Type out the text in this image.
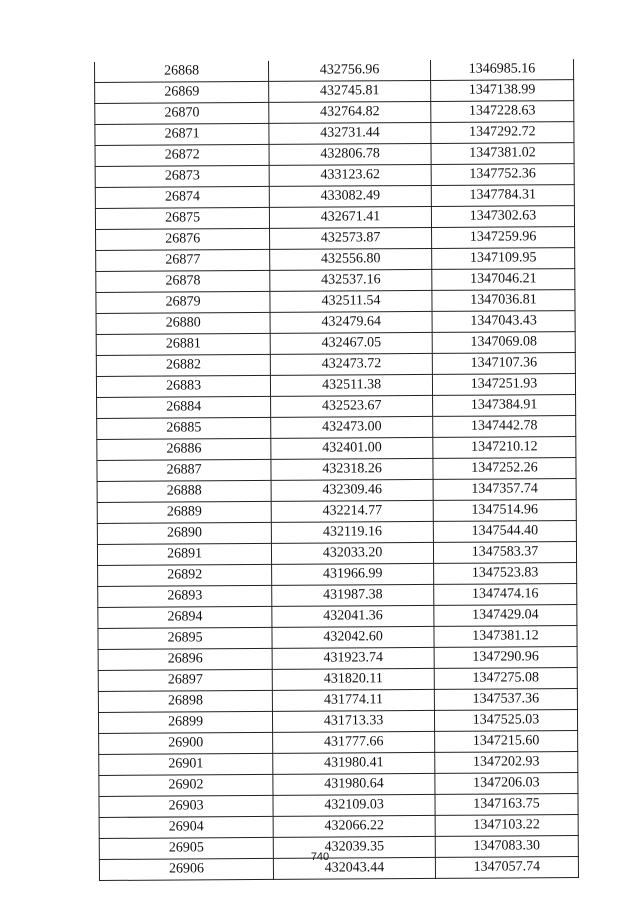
26868	432756.96	1346985.16
26869	432745.81	1347138.99
26870	432764.82	1347228.63
26871	432731.44	1347292.72
26872	432806.78	1347381.02
26873	433123.62	1347752.36
26874	433082.49	1347784.31
26875	432671.41	1347302.63
26876	432573.87	1347259.96
26877	432556.80	1347109.95
26878	432537.16	1347046.21
26879	432511.54	1347036.81
26880	432479.64	1347043.43
26881	432467.05	1347069.08
26882	432473.72	1347107.36
26883	432511.38	1347251.93
26884	432523.67	1347384.91
26885	432473.00	1347442.78
26886	432401.00	1347210.12
26887	432318.26	1347252.26
26888	432309.46	1347357.74
26889	432214.77	1347514.96
26890	432119.16	1347544.40
26891	432033.20	1347583.37
26892	431966.99	1347523.83
26893	431987.38	1347474.16
26894	432041.36	1347429.04
26895	432042.60	1347381.12
26896	431923.74	1347290.96
26897	431820.11	1347275.08
26898	431774.11	1347537.36
26899	431713.33	1347525.03
26900	431777.66	1347215.60
26901	431980.41	1347202.93
26902	431980.64	1347206.03
26903	432109.03	1347163.75
26904	432066.22	1347103.22
26905	432039.35	1347083.30
26906	432043.44	1347057.74
740
